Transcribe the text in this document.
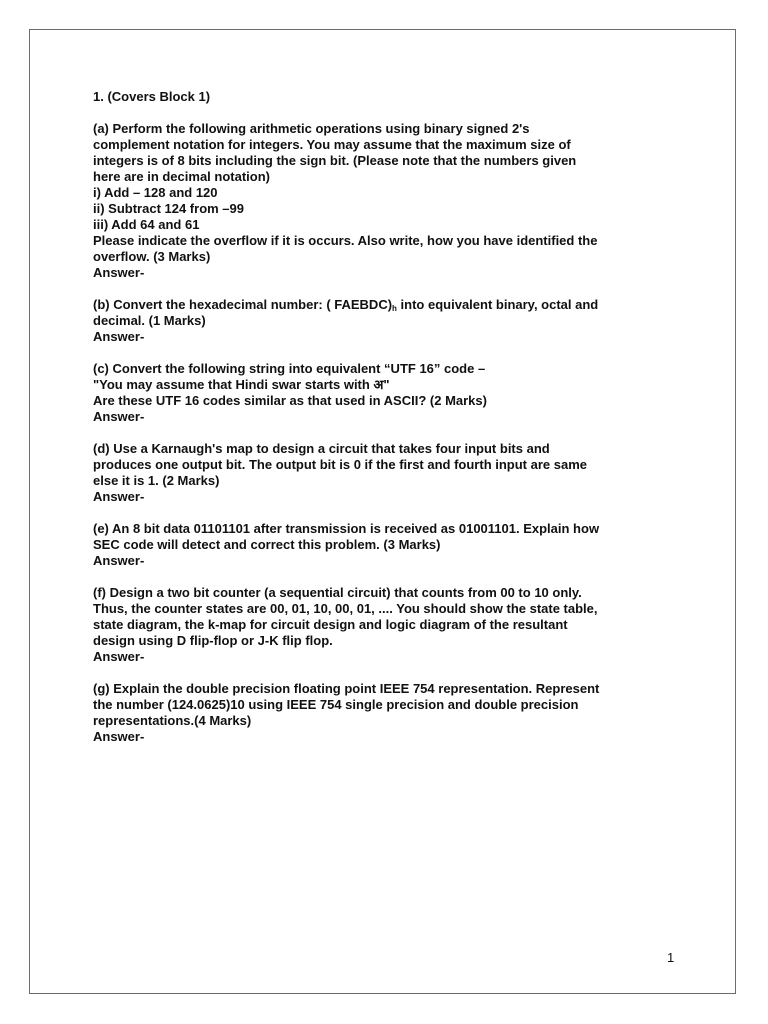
1. (Covers Block 1)
(a) Perform the following arithmetic operations using binary signed 2's
complement notation for integers. You may assume that the maximum size of
integers is of 8 bits including the sign bit. (Please note that the numbers given
here are in decimal notation)
i) Add – 128 and 120
ii) Subtract 124 from –99
iii) Add 64 and 61
Please indicate the overflow if it is occurs. Also write, how you have identified the
overflow. (3 Marks)
Answer-
(b) Convert the hexadecimal number: ( $FAEBDC)_h$ into equivalent binary, octal and
decimal. (1 Marks)
Answer-
(c) Convert the following string into equivalent “UTF 16” code –
"You may assume that Hindi swar starts with अ"
Are these UTF 16 codes similar as that used in ASCII? (2 Marks)
Answer-
(d) Use a Karnaugh's map to design a circuit that takes four input bits and
produces one output bit. The output bit is 0 if the first and fourth input are same
else it is 1. (2 Marks)
Answer-
(e) An 8 bit data 01101101 after transmission is received as 01001101. Explain how
SEC code will detect and correct this problem. (3 Marks)
Answer-
(f) Design a two bit counter (a sequential circuit) that counts from 00 to 10 only.
Thus, the counter states are 00, 01, 10, 00, 01, .... You should show the state table,
state diagram, the k-map for circuit design and logic diagram of the resultant
design using D flip-flop or J-K flip flop.
Answer-
(g) Explain the double precision floating point IEEE 754 representation. Represent
the number (124.0625)10 using IEEE 754 single precision and double precision
representations.(4 Marks)
Answer-
1
